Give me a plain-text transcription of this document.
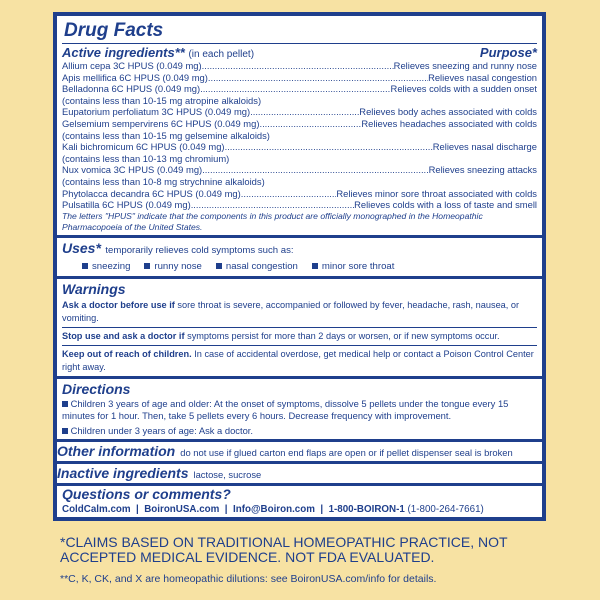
Drug Facts
Active ingredients** (in each pellet)	Purpose*
Allium cepa 3C HPUS (0.049 mg) .....	Relieves sneezing and runny nose
Apis mellifica 6C HPUS (0.049 mg) .....	Relieves nasal congestion
Belladonna 6C HPUS (0.049 mg) .....	Relieves colds with a sudden onset
(contains less than 10-15 mg atropine alkaloids)
Eupatorium perfoliatum 3C HPUS (0.049 mg) .....	Relieves body aches associated with colds
Gelsemium sempervirens 6C HPUS (0.049 mg) .....	Relieves headaches associated with colds
(contains less than 10-15 mg gelsemine alkaloids)
Kali bichromicum 6C HPUS (0.049 mg) .....	Relieves nasal discharge
(contains less than 10-13 mg chromium)
Nux vomica 3C HPUS (0.049 mg) .....	Relieves sneezing attacks
(contains less than 10-8 mg strychnine alkaloids)
Phytolacca decandra 6C HPUS (0.049 mg) .....	Relieves minor sore throat associated with colds
Pulsatilla 6C HPUS (0.049 mg) .....	Relieves colds with a loss of taste and smell
The letters "HPUS" indicate that the components in this product are officially monographed in the Homeopathic Pharmacopoeia of the United States.
Uses* temporarily relieves cold symptoms such as:
sneezing	runny nose	nasal congestion	minor sore throat
Warnings
Ask a doctor before use if sore throat is severe, accompanied or followed by fever, headache, rash, nausea, or vomiting.
Stop use and ask a doctor if symptoms persist for more than 2 days or worsen, or if new symptoms occur.
Keep out of reach of children. In case of accidental overdose, get medical help or contact a Poison Control Center right away.
Directions
Children 3 years of age and older: At the onset of symptoms, dissolve 5 pellets under the tongue every 15 minutes for 1 hour. Then, take 5 pellets every 6 hours. Decrease frequency with improvement.
Children under 3 years of age: Ask a doctor.
Other information do not use if glued carton end flaps are open or if pellet dispenser seal is broken
Inactive ingredients lactose, sucrose
Questions or comments?
ColdCalm.com  |  BoironUSA.com  |  Info@Boiron.com  |  1-800-BOIRON-1 (1-800-264-7661)
*CLAIMS BASED ON TRADITIONAL HOMEOPATHIC PRACTICE, NOT ACCEPTED MEDICAL EVIDENCE. NOT FDA EVALUATED.
**C, K, CK, and X are homeopathic dilutions: see BoironUSA.com/info for details.
